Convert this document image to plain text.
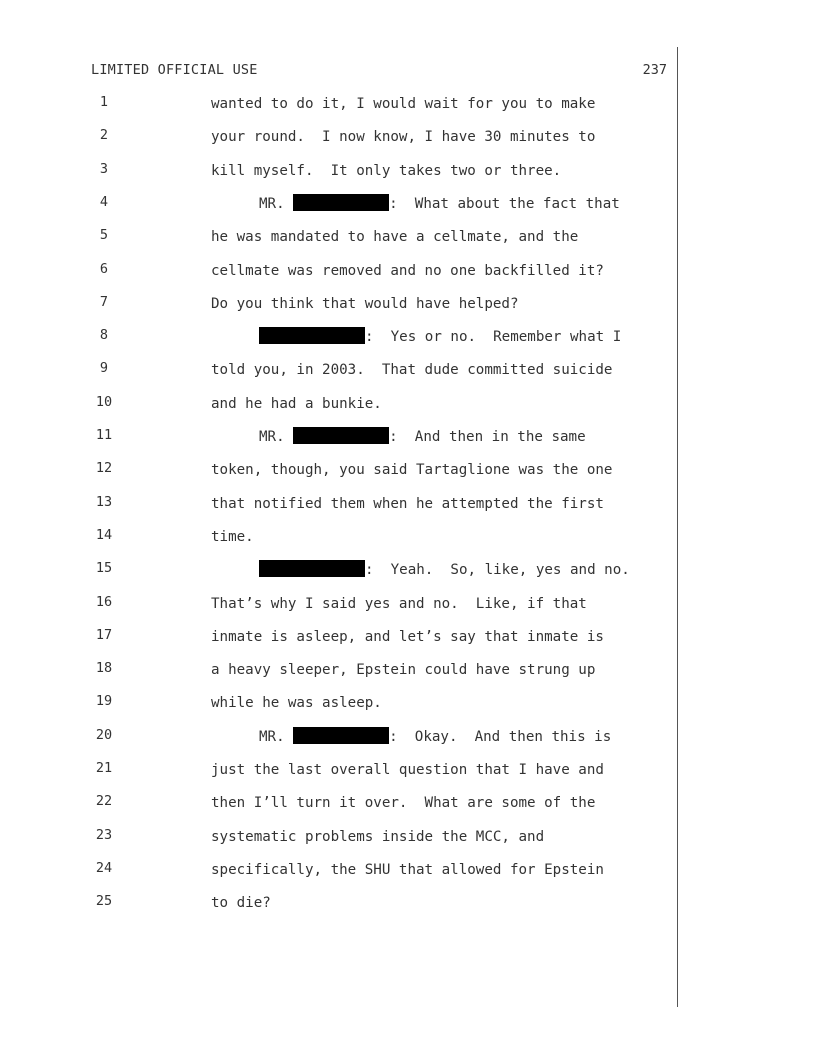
LIMITED OFFICIAL USE	237
1	wanted to do it, I would wait for you to make
2	your round.  I now know, I have 30 minutes to
3	kill myself.  It only takes two or three.
4	MR.	:  What about the fact that
5	he was mandated to have a cellmate, and the
6	cellmate was removed and no one backfilled it?
7	Do you think that would have helped?
8	:  Yes or no.  Remember what I
9	told you, in 2003.  That dude committed suicide
10	and he had a bunkie.
11	MR.	:  And then in the same
12	token, though, you said Tartaglione was the one
13	that notified them when he attempted the first
14	time.
15	:  Yeah.  So, like, yes and no.
16	That’s why I said yes and no.  Like, if that
17	inmate is asleep, and let’s say that inmate is
18	a heavy sleeper, Epstein could have strung up
19	while he was asleep.
20	MR.	:  Okay.  And then this is
21	just the last overall question that I have and
22	then I’ll turn it over.  What are some of the
23	systematic problems inside the MCC, and
24	specifically, the SHU that allowed for Epstein
25	to die?
